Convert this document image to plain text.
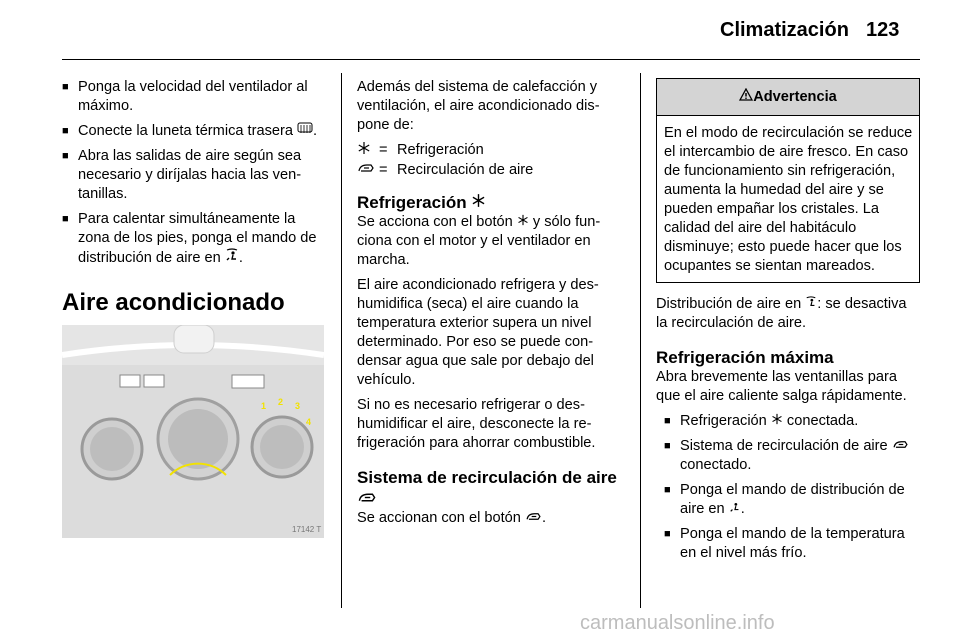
Climatización 123
■ Ponga la velocidad del ventilador al máximo.
■ Conecte la luneta térmica trasera .
■ Abra las salidas de aire según sea necesario y diríjalas hacia las ventanillas.
■ Para calentar simultáneamente la zona de los pies, ponga el mando de distribución de aire en .
Aire acondicionado
1 2 3
4
17142 T

Además del sistema de calefacción y ventilación, el aire acondicionado dispone de:

= Refrigeración
= Recirculación de aire
Refrigeración

Se acciona con el botón y sólo funciona con el motor y el ventilador en marcha.

El aire acondicionado refrigera y deshumidifica (seca) el aire cuando la temperatura exterior supera un nivel determinado. Por eso se puede condensar agua que sale por debajo del vehículo.

Si no es necesario refrigerar o deshumidificar el aire, desconecte la refrigeración para ahorrar combustible.

Sistema de recirculación de aire

Se accionan con el botón .

Advertencia
En el modo de recirculación se reduce el intercambio de aire fresco. En caso de funcionamiento sin refrigeración, aumenta la humedad del aire y se pueden empañar los cristales. La calidad del aire del habitáculo disminuye; esto puede hacer que los ocupantes se sientan mareados.

Distribución de aire en : se desactiva la recirculación de aire.

Refrigeración máxima

Abra brevemente las ventanillas para que el aire caliente salga rápidamente.

■ Refrigeración conectada.
■ Sistema de recirculación de aire  conectado.
■ Ponga el mando de distribución de aire en .
■ Ponga el mando de la temperatura en el nivel más frío.
carmanualsonline.info
